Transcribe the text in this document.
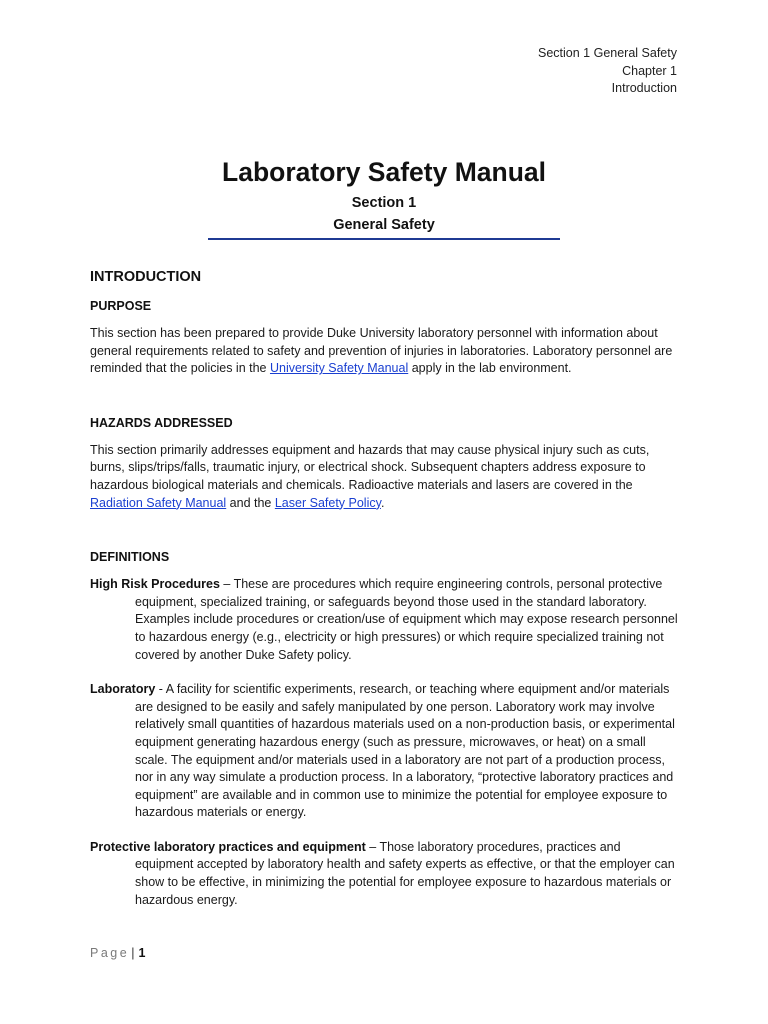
Section 1 General Safety
Chapter 1
Introduction
Laboratory Safety Manual
Section 1
General Safety
INTRODUCTION
PURPOSE

This section has been prepared to provide Duke University laboratory personnel with information about general requirements related to safety and prevention of injuries in laboratories. Laboratory personnel are reminded that the policies in the University Safety Manual apply in the lab environment.

HAZARDS ADDRESSED

This section primarily addresses equipment and hazards that may cause physical injury such as cuts, burns, slips/trips/falls, traumatic injury, or electrical shock. Subsequent chapters address exposure to hazardous biological materials and chemicals. Radioactive materials and lasers are covered in the Radiation Safety Manual and the Laser Safety Policy.

DEFINITIONS

High Risk Procedures – These are procedures which require engineering controls, personal protective equipment, specialized training, or safeguards beyond those used in the standard laboratory. Examples include procedures or creation/use of equipment which may expose research personnel to hazardous energy (e.g., electricity or high pressures) or which require specialized training not covered by another Duke Safety policy.

Laboratory - A facility for scientific experiments, research, or teaching where equipment and/or materials are designed to be easily and safely manipulated by one person. Laboratory work may involve relatively small quantities of hazardous materials used on a non-production basis, or experimental equipment generating hazardous energy (such as pressure, microwaves, or heat) on a small scale. The equipment and/or materials used in a laboratory are not part of a production process, nor in any way simulate a production process. In a laboratory, “protective laboratory practices and equipment” are available and in common use to minimize the potential for employee exposure to hazardous materials or energy.

Protective laboratory practices and equipment – Those laboratory procedures, practices and equipment accepted by laboratory health and safety experts as effective, or that the employer can show to be effective, in minimizing the potential for employee exposure to hazardous materials or hazardous energy.

Page | 1
